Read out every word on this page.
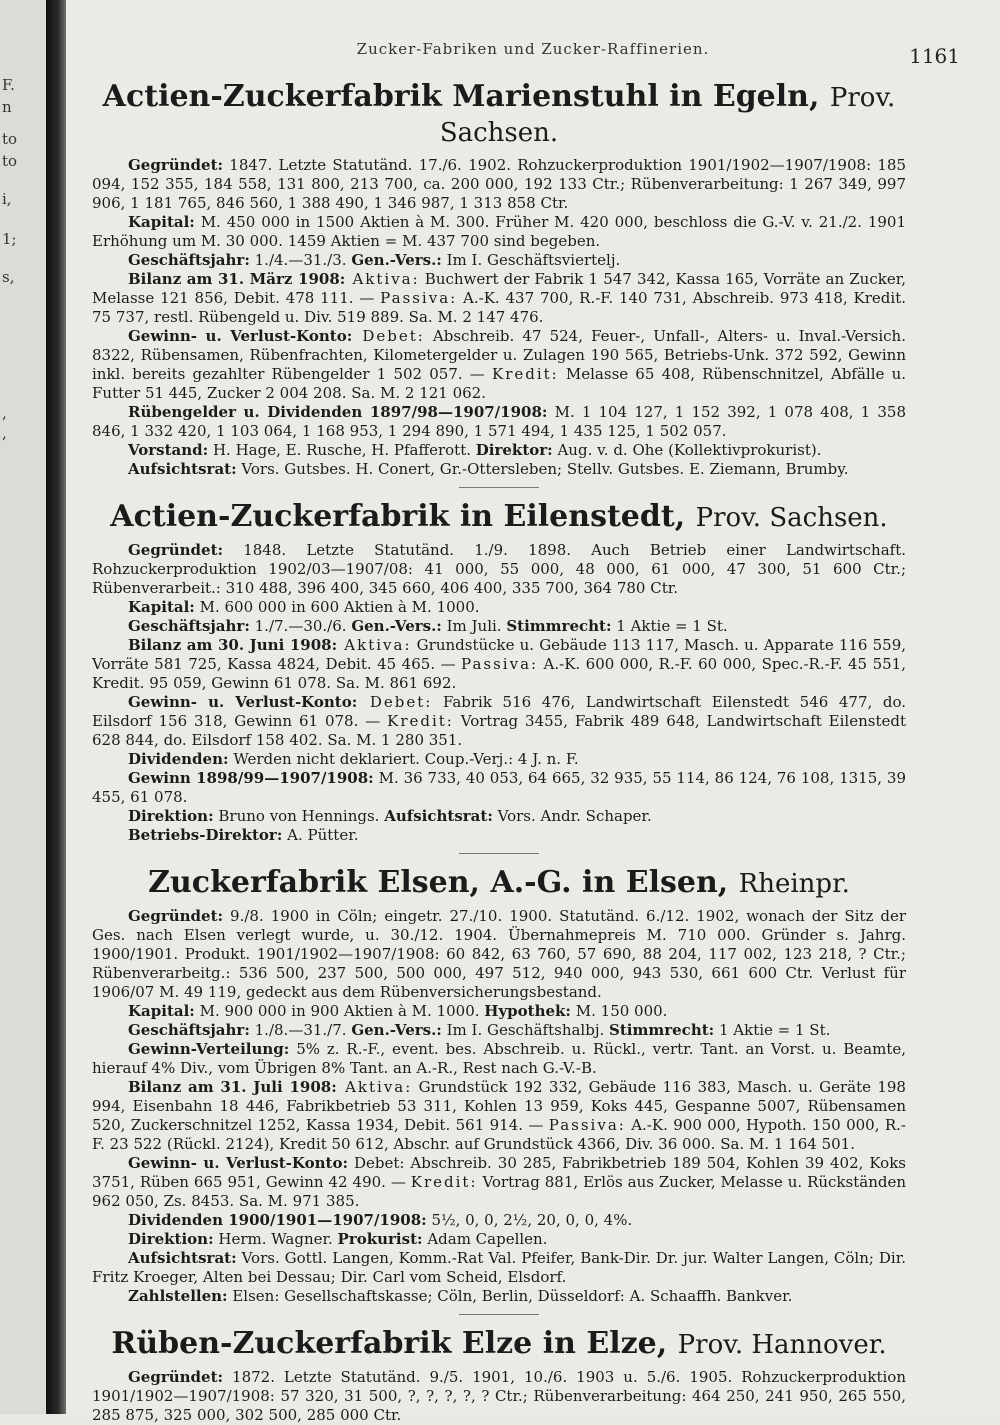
F.
n
to
to
i,
1;
s,
,
,
Zucker-Fabriken und Zucker-Raffinerien.	1161
Actien-Zuckerfabrik Marienstuhl in Egeln, Prov. Sachsen.

Gegründet: 1847. Letzte Statutänd. 17./6. 1902. Rohzuckerproduktion 1901/1902—1907/1908: 185 094, 152 355, 184 558, 131 800, 213 700, ca. 200 000, 192 133 Ctr.; Rübenverarbeitung: 1 267 349, 997 906, 1 181 765, 846 560, 1 388 490, 1 346 987, 1 313 858 Ctr.

Kapital: M. 450 000 in 1500 Aktien à M. 300. Früher M. 420 000, beschloss die G.-V. v. 21./2. 1901 Erhöhung um M. 30 000. 1459 Aktien = M. 437 700 sind begeben.

Geschäftsjahr: 1./4.—31./3. Gen.-Vers.: Im I. Geschäftsviertelj.

Bilanz am 31. März 1908: Aktiva: Buchwert der Fabrik 1 547 342, Kassa 165, Vorräte an Zucker, Melasse 121 856, Debit. 478 111. — Passiva: A.-K. 437 700, R.-F. 140 731, Abschreib. 973 418, Kredit. 75 737, restl. Rübengeld u. Div. 519 889. Sa. M. 2 147 476.

Gewinn- u. Verlust-Konto: Debet: Abschreib. 47 524, Feuer-, Unfall-, Alters- u. Inval.-Versich. 8322, Rübensamen, Rübenfrachten, Kilometergelder u. Zulagen 190 565, Betriebs-Unk. 372 592, Gewinn inkl. bereits gezahlter Rübengelder 1 502 057. — Kredit: Melasse 65 408, Rübenschnitzel, Abfälle u. Futter 51 445, Zucker 2 004 208. Sa. M. 2 121 062.

Rübengelder u. Dividenden 1897/98—1907/1908: M. 1 104 127, 1 152 392, 1 078 408, 1 358 846, 1 332 420, 1 103 064, 1 168 953, 1 294 890, 1 571 494, 1 435 125, 1 502 057.

Vorstand: H. Hage, E. Rusche, H. Pfafferott. Direktor: Aug. v. d. Ohe (Kollektivprokurist).

Aufsichtsrat: Vors. Gutsbes. H. Conert, Gr.-Ottersleben; Stellv. Gutsbes. E. Ziemann, Brumby.

Actien-Zuckerfabrik in Eilenstedt, Prov. Sachsen.

Gegründet: 1848. Letzte Statutänd. 1./9. 1898. Auch Betrieb einer Landwirtschaft. Rohzuckerproduktion 1902/03—1907/08: 41 000, 55 000, 48 000, 61 000, 47 300, 51 600 Ctr.; Rübenverarbeit.: 310 488, 396 400, 345 660, 406 400, 335 700, 364 780 Ctr.

Kapital: M. 600 000 in 600 Aktien à M. 1000.

Geschäftsjahr: 1./7.—30./6. Gen.-Vers.: Im Juli. Stimmrecht: 1 Aktie = 1 St.

Bilanz am 30. Juni 1908: Aktiva: Grundstücke u. Gebäude 113 117, Masch. u. Apparate 116 559, Vorräte 581 725, Kassa 4824, Debit. 45 465. — Passiva: A.-K. 600 000, R.-F. 60 000, Spec.-R.-F. 45 551, Kredit. 95 059, Gewinn 61 078. Sa. M. 861 692.

Gewinn- u. Verlust-Konto: Debet: Fabrik 516 476, Landwirtschaft Eilenstedt 546 477, do. Eilsdorf 156 318, Gewinn 61 078. — Kredit: Vortrag 3455, Fabrik 489 648, Landwirtschaft Eilenstedt 628 844, do. Eilsdorf 158 402. Sa. M. 1 280 351.

Dividenden: Werden nicht deklariert. Coup.-Verj.: 4 J. n. F.

Gewinn 1898/99—1907/1908: M. 36 733, 40 053, 64 665, 32 935, 55 114, 86 124, 76 108, 1315, 39 455, 61 078.

Direktion: Bruno von Hennings. Aufsichtsrat: Vors. Andr. Schaper.

Betriebs-Direktor: A. Pütter.

Zuckerfabrik Elsen, A.-G. in Elsen, Rheinpr.

Gegründet: 9./8. 1900 in Cöln; eingetr. 27./10. 1900. Statutänd. 6./12. 1902, wonach der Sitz der Ges. nach Elsen verlegt wurde, u. 30./12. 1904. Übernahmepreis M. 710 000. Gründer s. Jahrg. 1900/1901. Produkt. 1901/1902—1907/1908: 60 842, 63 760, 57 690, 88 204, 117 002, 123 218, ? Ctr.; Rübenverarbeitg.: 536 500, 237 500, 500 000, 497 512, 940 000, 943 530, 661 600 Ctr. Verlust für 1906/07 M. 49 119, gedeckt aus dem Rübenversicherungsbestand.

Kapital: M. 900 000 in 900 Aktien à M. 1000. Hypothek: M. 150 000.

Geschäftsjahr: 1./8.—31./7. Gen.-Vers.: Im I. Geschäftshalbj. Stimmrecht: 1 Aktie = 1 St.

Gewinn-Verteilung: 5% z. R.-F., event. bes. Abschreib. u. Rückl., vertr. Tant. an Vorst. u. Beamte, hierauf 4% Div., vom Übrigen 8% Tant. an A.-R., Rest nach G.-V.-B.

Bilanz am 31. Juli 1908: Aktiva: Grundstück 192 332, Gebäude 116 383, Masch. u. Geräte 198 994, Eisenbahn 18 446, Fabrikbetrieb 53 311, Kohlen 13 959, Koks 445, Gespanne 5007, Rübensamen 520, Zuckerschnitzel 1252, Kassa 1934, Debit. 561 914. — Passiva: A.-K. 900 000, Hypoth. 150 000, R.-F. 23 522 (Rückl. 2124), Kredit 50 612, Abschr. auf Grundstück 4366, Div. 36 000. Sa. M. 1 164 501.

Gewinn- u. Verlust-Konto: Debet: Abschreib. 30 285, Fabrikbetrieb 189 504, Kohlen 39 402, Koks 3751, Rüben 665 951, Gewinn 42 490. — Kredit: Vortrag 881, Erlös aus Zucker, Melasse u. Rückständen 962 050, Zs. 8453. Sa. M. 971 385.

Dividenden 1900/1901—1907/1908: 5½, 0, 0, 2½, 20, 0, 0, 4%.

Direktion: Herm. Wagner. Prokurist: Adam Capellen.

Aufsichtsrat: Vors. Gottl. Langen, Komm.-Rat Val. Pfeifer, Bank-Dir. Dr. jur. Walter Langen, Cöln; Dir. Fritz Kroeger, Alten bei Dessau; Dir. Carl vom Scheid, Elsdorf.

Zahlstellen: Elsen: Gesellschaftskasse; Cöln, Berlin, Düsseldorf: A. Schaaffh. Bankver.

Rüben-Zuckerfabrik Elze in Elze, Prov. Hannover.

Gegründet: 1872. Letzte Statutänd. 9./5. 1901, 10./6. 1903 u. 5./6. 1905. Rohzuckerproduktion 1901/1902—1907/1908: 57 320, 31 500, ?, ?, ?, ?, ? Ctr.; Rübenverarbeitung: 464 250, 241 950, 265 550, 285 875, 325 000, 302 500, 285 000 Ctr.
